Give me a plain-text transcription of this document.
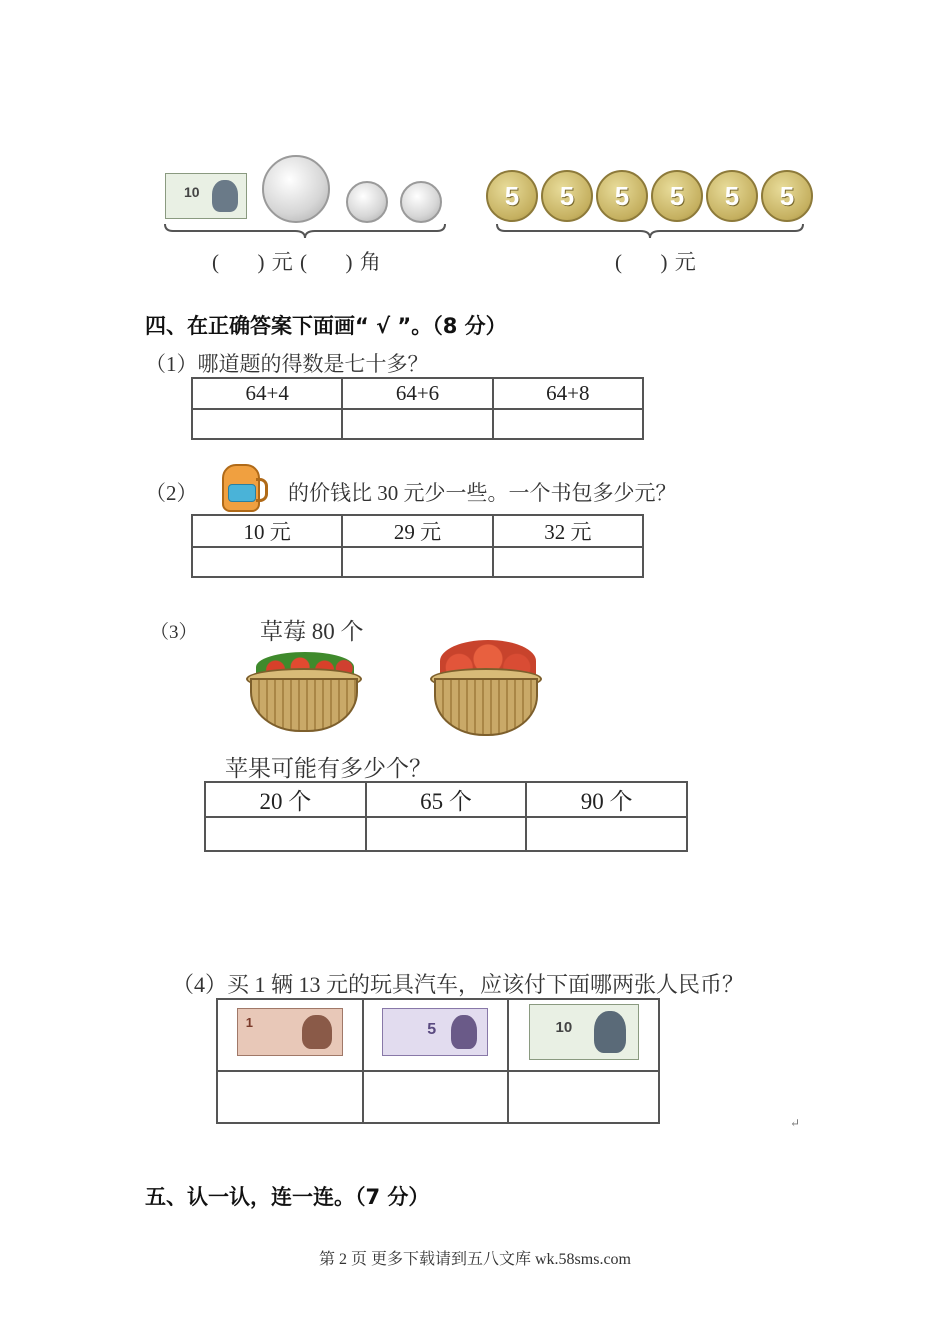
10
(      ) 元 (      ) 角
5 5 5 5 5 5
(      ) 元
四、在正确答案下面画“ √ ”。（8 分）
（1）哪道题的得数是七十多？
64+4	64+6	64+8

（2）	的价钱比 30 元少一些。一个书包多少元？
10 元	29 元	32 元

（3）	草莓 80 个
苹果可能有多少个？
20 个	65 个	90 个

（4）买 1 辆 13 元的玩具汽车，应该付下面哪两张人民币？
1	5	10

↵
五、认一认，连一连。（7 分）
第 2 页 更多下载请到五八文库 wk.58sms.com
